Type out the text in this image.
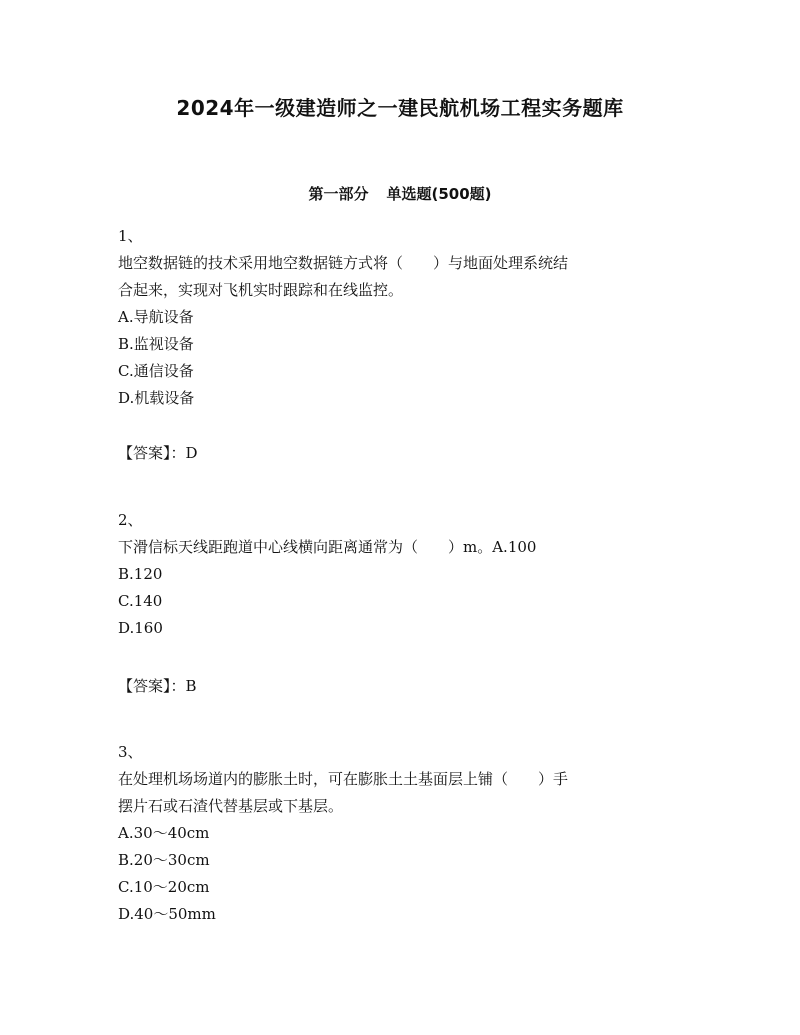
2024年一级建造师之一建民航机场工程实务题库
第一部分 单选题(500题)
1、
地空数据链的技术采用地空数据链方式将（　　）与地面处理系统结
合起来，实现对飞机实时跟踪和在线监控。
A.导航设备
B.监视设备
C.通信设备
D.机载设备
【答案】：D
2、
下滑信标天线距跑道中心线横向距离通常为（　　）m。A.100
B.120
C.140
D.160
【答案】：B
3、
在处理机场场道内的膨胀土时，可在膨胀土土基面层上铺（　　）手
摆片石或石渣代替基层或下基层。
A.30～40cm
B.20～30cm
C.10～20cm
D.40～50mm
